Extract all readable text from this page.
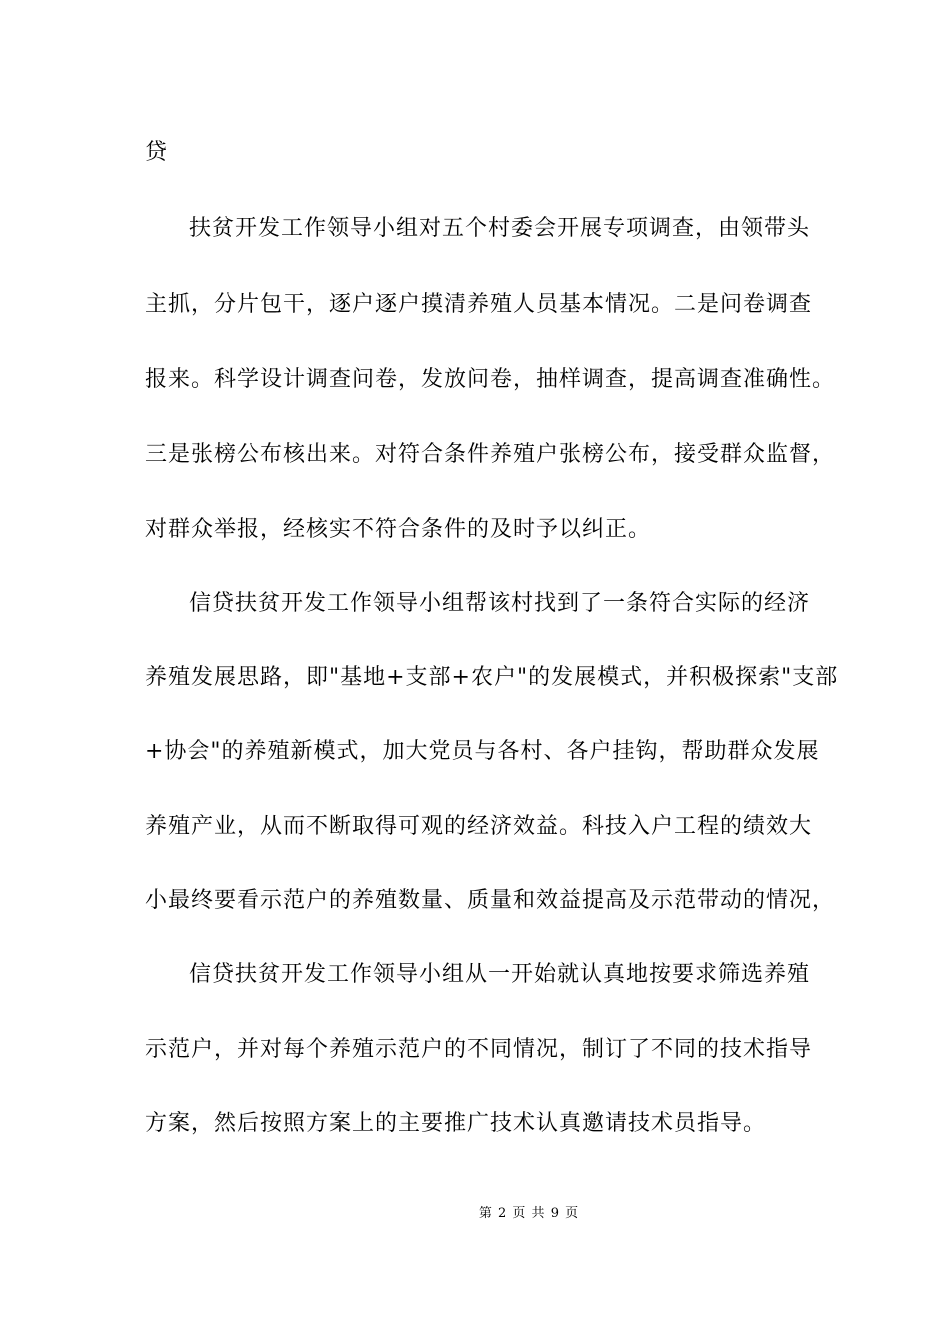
贷

扶贫开发工作领导小组对五个村委会开展专项调查，由领带头

主抓，分片包干，逐户逐户摸清养殖人员基本情况。二是问卷调查

报来。科学设计调查问卷，发放问卷，抽样调查，提高调查准确性。

三是张榜公布核出来。对符合条件养殖户张榜公布，接受群众监督，

对群众举报，经核实不符合条件的及时予以纠正。

信贷扶贫开发工作领导小组帮该村找到了一条符合实际的经济

养殖发展思路，即"基地+支部+农户"的发展模式，并积极探索"支部

+协会"的养殖新模式，加大党员与各村、各户挂钩，帮助群众发展

养殖产业，从而不断取得可观的经济效益。科技入户工程的绩效大

小最终要看示范户的养殖数量、质量和效益提高及示范带动的情况，

信贷扶贫开发工作领导小组从一开始就认真地按要求筛选养殖

示范户，并对每个养殖示范户的不同情况，制订了不同的技术指导

方案，然后按照方案上的主要推广技术认真邀请技术员指导。

第 2 页 共 9 页
